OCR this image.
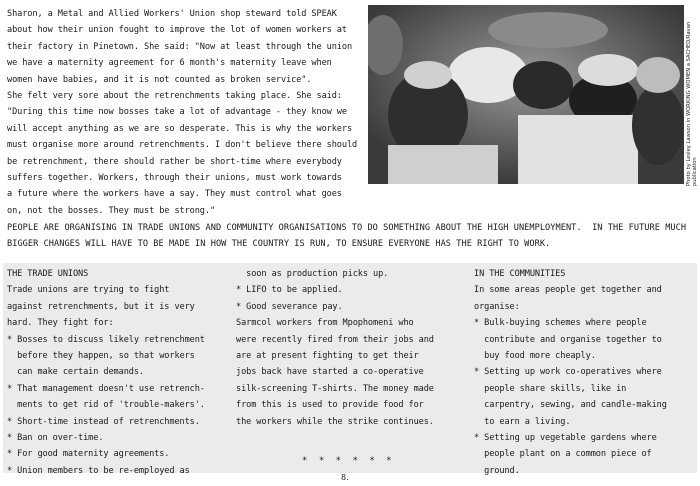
Sharon, a Metal and Allied Workers' Union shop steward told SPEAK
about how their union fought to improve the lot of women workers at
their factory in Pinetown. She said: "Now at least through the union
we have a maternity agreement for 6 month's maternity leave when
women have babies, and it is not counted as broken service".
She felt very sore about the retrenchments taking place. She said:
"During this time now bosses take a lot of advantage - they know we
will accept anything as we are so desperate. This is why the workers
must organise more around retrenchments. I don't believe there should
be retrenchment, there should rather be short-time where everybody
suffers together. Workers, through their unions, must work towards
a future where the workers have a say. They must control what goes
on, not the bosses. They must be strong."
Photo by Lesley Lawson in WORKING WOMEN a SACHED/Ravan publication
PEOPLE ARE ORGANISING IN TRADE UNIONS AND COMMUNITY ORGANISATIONS TO DO SOMETHING ABOUT THE HIGH UNEMPLOYMENT.  IN THE FUTURE MUCH
BIGGER CHANGES WILL HAVE TO BE MADE IN HOW THE COUNTRY IS RUN, TO ENSURE EVERYONE HAS THE RIGHT TO WORK.
THE TRADE UNIONS
Trade unions are trying to fight
against retrenchments, but it is very
hard. They fight for:
* Bosses to discuss likely retrenchment
before they happen, so that workers
can make certain demands.
* That management doesn't use retrench-
ments to get rid of 'trouble-makers'.
* Short-time instead of retrenchments.
* Ban on over-time.
* For good maternity agreements.
* Union members to be re-employed as
soon as production picks up.
* LIFO to be applied.
* Good severance pay.
Sarmcol workers from Mpophomeni who
were recently fired from their jobs and
are at present fighting to get their
jobs back have started a co-operative
silk-screening T-shirts. The money made
from this is used to provide food for
the workers while the strike continues.
IN THE COMMUNITIES
In some areas people get together and
organise:
* Bulk-buying schemes where people
contribute and organise together to
buy food more cheaply.
* Setting up work co-operatives where
people share skills, like in
carpentry, sewing, and candle-making
to earn a living.
* Setting up vegetable gardens where
people plant on a common piece of
ground.
* * * * * *
8.
